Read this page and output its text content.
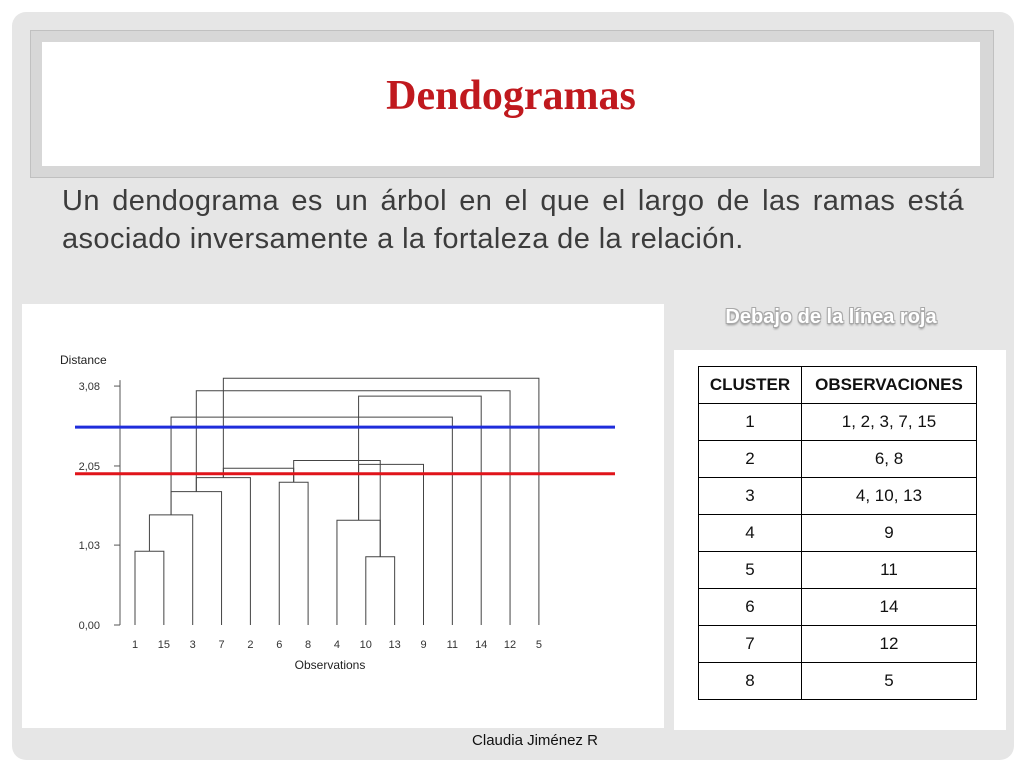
Dendogramas

Un dendograma es un árbol en el que el largo de las ramas está asociado inversamente a la fortaleza de la relación.

0,00
1,03
2,05
3,08
Distance
Observations
1 15 3 7 2 6 8 4 10 13 9 11 14 12 5
Debajo de la línea roja
CLUSTER	OBSERVACIONES
1	1, 2, 3, 7, 15
2	6, 8
3	4, 10, 13
4	9
5	11
6	14
7	12
8	5
Claudia Jiménez R
